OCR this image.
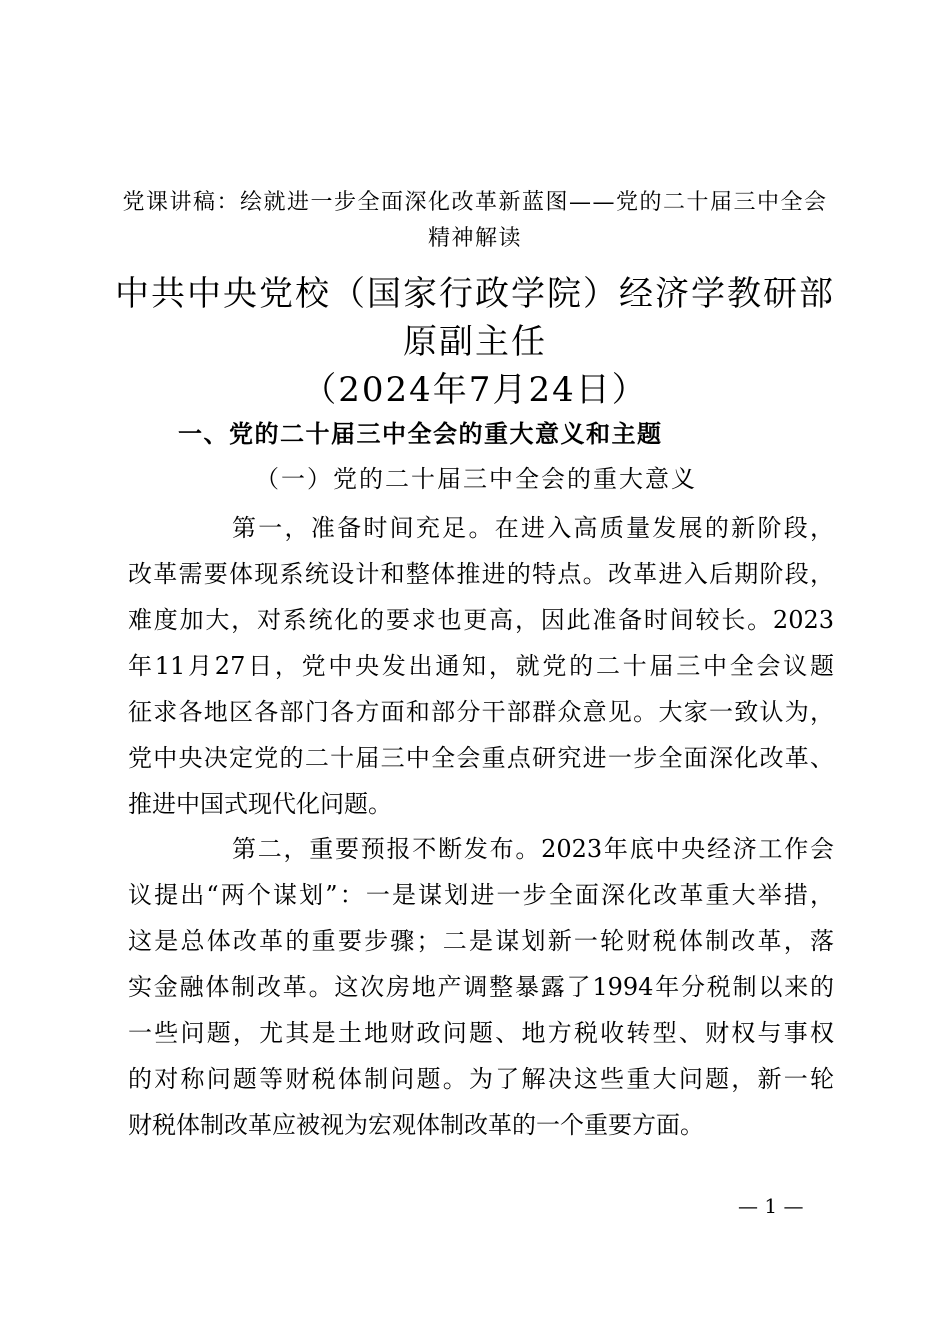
党课讲稿：绘就进一步全面深化改革新蓝图——党的二十届三中全会精神解读
中共中央党校（国家行政学院）经济学教研部
原副主任
（2024年7月24日）
一、党的二十届三中全会的重大意义和主题
（一）党的二十届三中全会的重大意义
第一，准备时间充足。在进入高质量发展的新阶段，
改革需要体现系统设计和整体推进的特点。改革进入后期阶段，
难度加大，对系统化的要求也更高，因此准备时间较长。2023
年11月27日，党中央发出通知，就党的二十届三中全会议题
征求各地区各部门各方面和部分干部群众意见。大家一致认为，
党中央决定党的二十届三中全会重点研究进一步全面深化改革、
推进中国式现代化问题。
第二，重要预报不断发布。2023年底中央经济工作会
议提出“两个谋划”：一是谋划进一步全面深化改革重大举措，
这是总体改革的重要步骤；二是谋划新一轮财税体制改革，落
实金融体制改革。这次房地产调整暴露了1994年分税制以来的
一些问题，尤其是土地财政问题、地方税收转型、财权与事权
的对称问题等财税体制问题。为了解决这些重大问题，新一轮
财税体制改革应被视为宏观体制改革的一个重要方面。
— 1 —
